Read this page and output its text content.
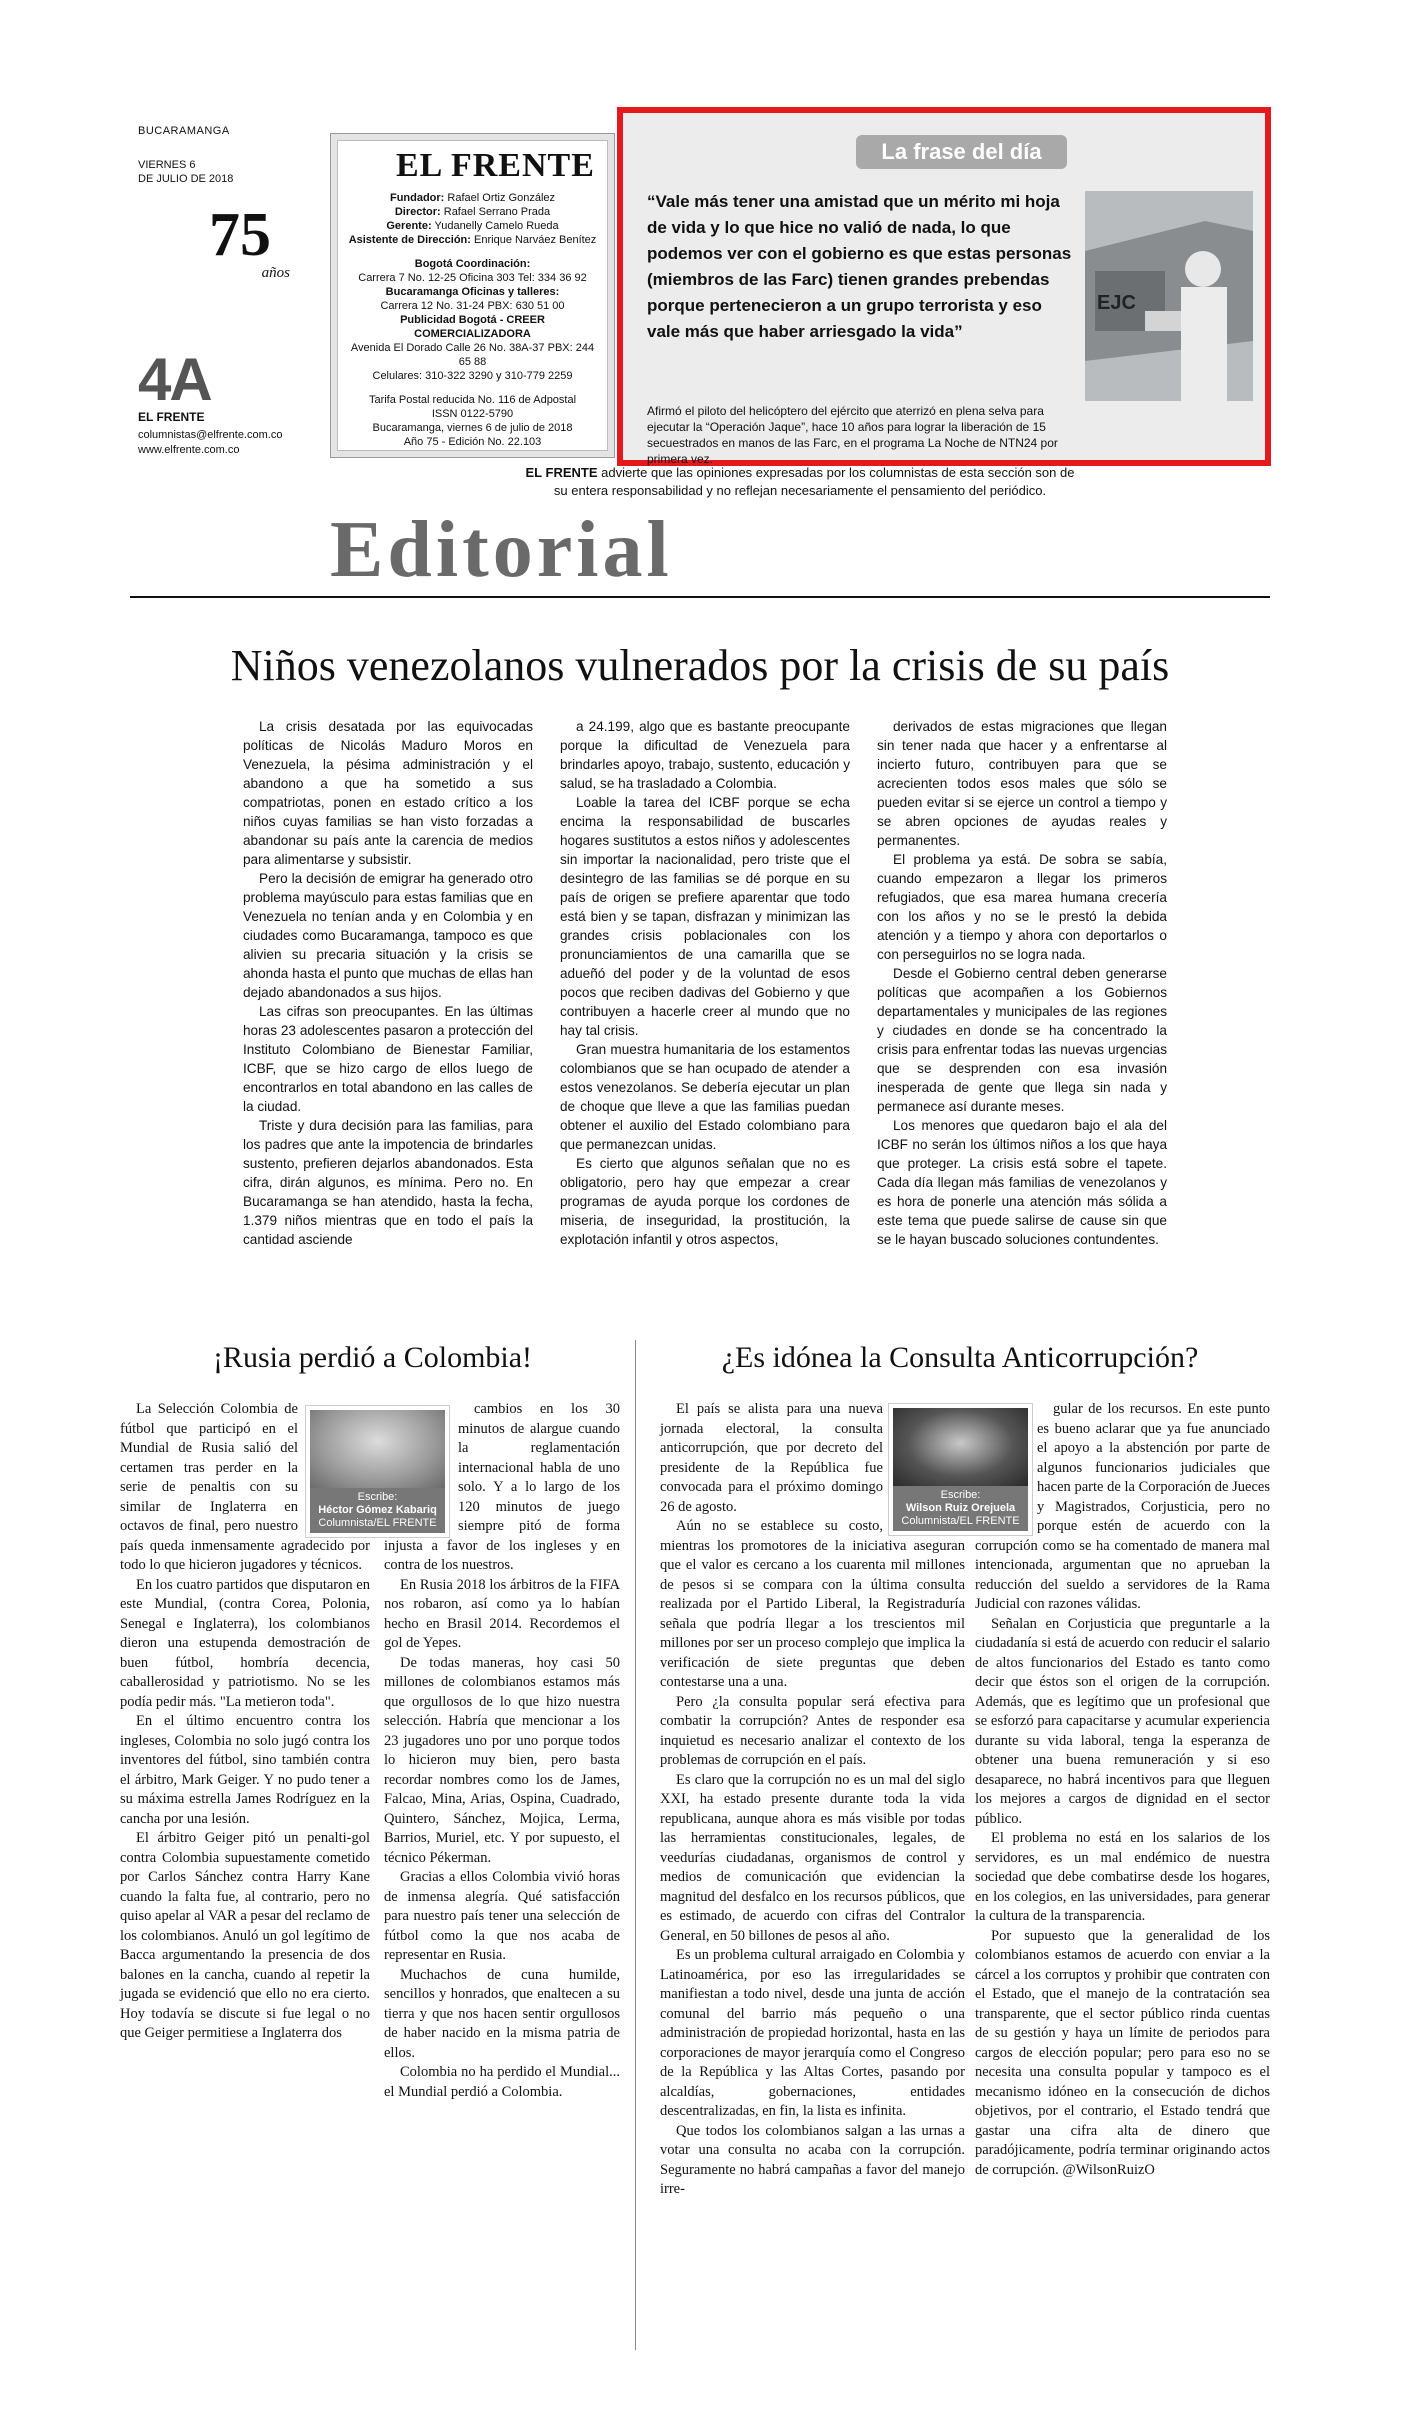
BUCARAMANGA
VIERNES 6
DE JULIO DE 2018
75
años
4A
EL FRENTE
columnistas@elfrente.com.co
www.elfrente.com.co
EL FRENTE
Fundador: Rafael Ortiz González
Director: Rafael Serrano Prada
Gerente: Yudanelly Camelo Rueda
Asistente de Dirección: Enrique Narváez Benítez
Bogotá Coordinación:
Carrera 7 No. 12-25 Oficina 303 Tel: 334 36 92
Bucaramanga Oficinas y talleres:
Carrera 12 No. 31-24 PBX: 630 51 00
Publicidad Bogotá - CREER COMERCIALIZADORA
Avenida El Dorado Calle 26 No. 38A-37 PBX: 244 65 88
Celulares: 310-322 3290 y 310-779 2259
Tarifa Postal reducida No. 116 de Adpostal
ISSN 0122-5790
Bucaramanga, viernes 6 de julio de 2018
Año 75 - Edición No. 22.103
La frase del día
“Vale más tener una amistad que un mérito mi hoja de vida y lo que hice no valió de nada, lo que podemos ver con el gobierno es que estas personas (miembros de las Farc) tienen grandes prebendas porque pertenecieron a un grupo terrorista y eso vale más que haber arriesgado la vida”
EJC
Afirmó el piloto del helicóptero del ejército que aterrizó en plena selva para ejecutar la “Operación Jaque”, hace 10 años para lograr la liberación de 15 secuestrados en manos de las Farc, en el programa La Noche de NTN24 por primera vez.
EL FRENTE advierte que las opiniones expresadas por los columnistas de esta sección son de
su entera responsabilidad y no reflejan necesariamente el pensamiento del periódico.
Editorial
Niños venezolanos vulnerados por la crisis de su país

La crisis desatada por las equivocadas políticas de Nicolás Maduro Moros en Venezuela, la pésima administración y el abandono a que ha sometido a sus compatriotas, ponen en estado crítico a los niños cuyas familias se han visto forzadas a abandonar su país ante la carencia de medios para alimentarse y subsistir.

Pero la decisión de emigrar ha generado otro problema mayúsculo para estas familias que en Venezuela no tenían anda y en Colombia y en ciudades como Bucaramanga, tampoco es que alivien su precaria situación y la crisis se ahonda hasta el punto que muchas de ellas han dejado abandonados a sus hijos.

Las cifras son preocupantes. En las últimas horas 23 adolescentes pasaron a protección del Instituto Colombiano de Bienestar Familiar, ICBF, que se hizo cargo de ellos luego de encontrarlos en total abandono en las calles de la ciudad.

Triste y dura decisión para las familias, para los padres que ante la impotencia de brindarles sustento, prefieren dejarlos abandonados. Esta cifra, dirán algunos, es mínima. Pero no. En Bucaramanga se han atendido, hasta la fecha, 1.379 niños mientras que en todo el país la cantidad asciende

a 24.199, algo que es bastante preocupante porque la dificultad de Venezuela para brindarles apoyo, trabajo, sustento, educación y salud, se ha trasladado a Colombia.

Loable la tarea del ICBF porque se echa encima la responsabilidad de buscarles hogares sustitutos a estos niños y adolescentes sin importar la nacionalidad, pero triste que el desintegro de las familias se dé porque en su país de origen se prefiere aparentar que todo está bien y se tapan, disfrazan y minimizan las grandes crisis poblacionales con los pronunciamientos de una camarilla que se adueñó del poder y de la voluntad de esos pocos que reciben dadivas del Gobierno y que contribuyen a hacerle creer al mundo que no hay tal crisis.

Gran muestra humanitaria de los estamentos colombianos que se han ocupado de atender a estos venezolanos. Se debería ejecutar un plan de choque que lleve a que las familias puedan obtener el auxilio del Estado colombiano para que permanezcan unidas.

Es cierto que algunos señalan que no es obligatorio, pero hay que empezar a crear programas de ayuda porque los cordones de miseria, de inseguridad, la prostitución, la explotación infantil y otros aspectos,

derivados de estas migraciones que llegan sin tener nada que hacer y a enfrentarse al incierto futuro, contribuyen para que se acrecienten todos esos males que sólo se pueden evitar si se ejerce un control a tiempo y se abren opciones de ayudas reales y permanentes.

El problema ya está. De sobra se sabía, cuando empezaron a llegar los primeros refugiados, que esa marea humana crecería con los años y no se le prestó la debida atención y a tiempo y ahora con deportarlos o con perseguirlos no se logra nada.

Desde el Gobierno central deben generarse políticas que acompañen a los Gobiernos departamentales y municipales de las regiones y ciudades en donde se ha concentrado la crisis para enfrentar todas las nuevas urgencias que se desprenden con esa invasión inesperada de gente que llega sin nada y permanece así durante meses.

Los menores que quedaron bajo el ala del ICBF no serán los últimos niños a los que haya que proteger. La crisis está sobre el tapete. Cada día llegan más familias de venezolanos y es hora de ponerle una atención más sólida a este tema que puede salirse de cause sin que se le hayan buscado soluciones contundentes.

¡Rusia perdió a Colombia!
Escribe:
Héctor Gómez Kabariq
Columnista/EL FRENTE

La Selección Colombia de fútbol que participó en el Mundial de Rusia salió del certamen tras perder en la serie de penaltis con su similar de Inglaterra en octavos de final, pero nuestro país queda inmensamente agradecido por todo lo que hicieron jugadores y técnicos.

En los cuatro partidos que disputaron en este Mundial, (contra Corea, Polonia, Senegal e Inglaterra), los colombianos dieron una estupenda demostración de buen fútbol, hombría decencia, caballerosidad y patriotismo. No se les podía pedir más. "La metieron toda".

En el último encuentro contra los ingleses, Colombia no solo jugó contra los inventores del fútbol, sino también contra el árbitro, Mark Geiger. Y no pudo tener a su máxima estrella James Rodríguez en la cancha por una lesión.

El árbitro Geiger pitó un penalti-gol contra Colombia supuestamente cometido por Carlos Sánchez contra Harry Kane cuando la falta fue, al contrario, pero no quiso apelar al VAR a pesar del reclamo de los colombianos. Anuló un gol legítimo de Bacca argumentando la presencia de dos balones en la cancha, cuando al repetir la jugada se evidenció que ello no era cierto. Hoy todavía se discute si fue legal o no que Geiger permitiese a Inglaterra dos

cambios en los 30 minutos de alargue cuando la reglamentación internacional habla de uno solo. Y a lo largo de los 120 minutos de juego siempre pitó de forma injusta a favor de los ingleses y en contra de los nuestros.

En Rusia 2018 los árbitros de la FIFA nos robaron, así como ya lo habían hecho en Brasil 2014. Recordemos el gol de Yepes.

De todas maneras, hoy casi 50 millones de colombianos estamos más que orgullosos de lo que hizo nuestra selección. Habría que mencionar a los 23 jugadores uno por uno porque todos lo hicieron muy bien, pero basta recordar nombres como los de James, Falcao, Mina, Arias, Ospina, Cuadrado, Quintero, Sánchez, Mojica, Lerma, Barrios, Muriel, etc. Y por supuesto, el técnico Pékerman.

Gracias a ellos Colombia vivió horas de inmensa alegría. Qué satisfacción para nuestro país tener una selección de fútbol como la que nos acaba de representar en Rusia.

Muchachos de cuna humilde, sencillos y honrados, que enaltecen a su tierra y que nos hacen sentir orgullosos de haber nacido en la misma patria de ellos.

Colombia no ha perdido el Mundial... el Mundial perdió a Colombia.

¿Es idónea la Consulta Anticorrupción?
Escribe:
Wilson Ruiz Orejuela
Columnista/EL FRENTE

El país se alista para una nueva jornada electoral, la consulta anticorrupción, que por decreto del presidente de la República fue convocada para el próximo domingo 26 de agosto.

Aún no se establece su costo, mientras los promotores de la iniciativa aseguran que el valor es cercano a los cuarenta mil millones de pesos si se compara con la última consulta realizada por el Partido Liberal, la Registraduría señala que podría llegar a los trescientos mil millones por ser un proceso complejo que implica la verificación de siete preguntas que deben contestarse una a una.

Pero ¿la consulta popular será efectiva para combatir la corrupción? Antes de responder esa inquietud es necesario analizar el contexto de los problemas de corrupción en el país.

Es claro que la corrupción no es un mal del siglo XXI, ha estado presente durante toda la vida republicana, aunque ahora es más visible por todas las herramientas constitucionales, legales, de veedurías ciudadanas, organismos de control y medios de comunicación que evidencian la magnitud del desfalco en los recursos públicos, que es estimado, de acuerdo con cifras del Contralor General, en 50 billones de pesos al año.

Es un problema cultural arraigado en Colombia y Latinoamérica, por eso las irregularidades se manifiestan a todo nivel, desde una junta de acción comunal del barrio más pequeño o una administración de propiedad horizontal, hasta en las corporaciones de mayor jerarquía como el Congreso de la República y las Altas Cortes, pasando por alcaldías, gobernaciones, entidades descentralizadas, en fin, la lista es infinita.

Que todos los colombianos salgan a las urnas a votar una consulta no acaba con la corrupción. Seguramente no habrá campañas a favor del manejo irre-

gular de los recursos. En este punto es bueno aclarar que ya fue anunciado el apoyo a la abstención por parte de algunos funcionarios judiciales que hacen parte de la Corporación de Jueces y Magistrados, Corjusticia, pero no porque estén de acuerdo con la corrupción como se ha comentado de manera mal intencionada, argumentan que no aprueban la reducción del sueldo a servidores de la Rama Judicial con razones válidas.

Señalan en Corjusticia que preguntarle a la ciudadanía si está de acuerdo con reducir el salario de altos funcionarios del Estado es tanto como decir que éstos son el origen de la corrupción. Además, que es legítimo que un profesional que se esforzó para capacitarse y acumular experiencia durante su vida laboral, tenga la esperanza de obtener una buena remuneración y si eso desaparece, no habrá incentivos para que lleguen los mejores a cargos de dignidad en el sector público.

El problema no está en los salarios de los servidores, es un mal endémico de nuestra sociedad que debe combatirse desde los hogares, en los colegios, en las universidades, para generar la cultura de la transparencia.

Por supuesto que la generalidad de los colombianos estamos de acuerdo con enviar a la cárcel a los corruptos y prohibir que contraten con el Estado, que el manejo de la contratación sea transparente, que el sector público rinda cuentas de su gestión y haya un límite de periodos para cargos de elección popular; pero para eso no se necesita una consulta popular y tampoco es el mecanismo idóneo en la consecución de dichos objetivos, por el contrario, el Estado tendrá que gastar una cifra alta de dinero que paradójicamente, podría terminar originando actos de corrupción. @WilsonRuizO
